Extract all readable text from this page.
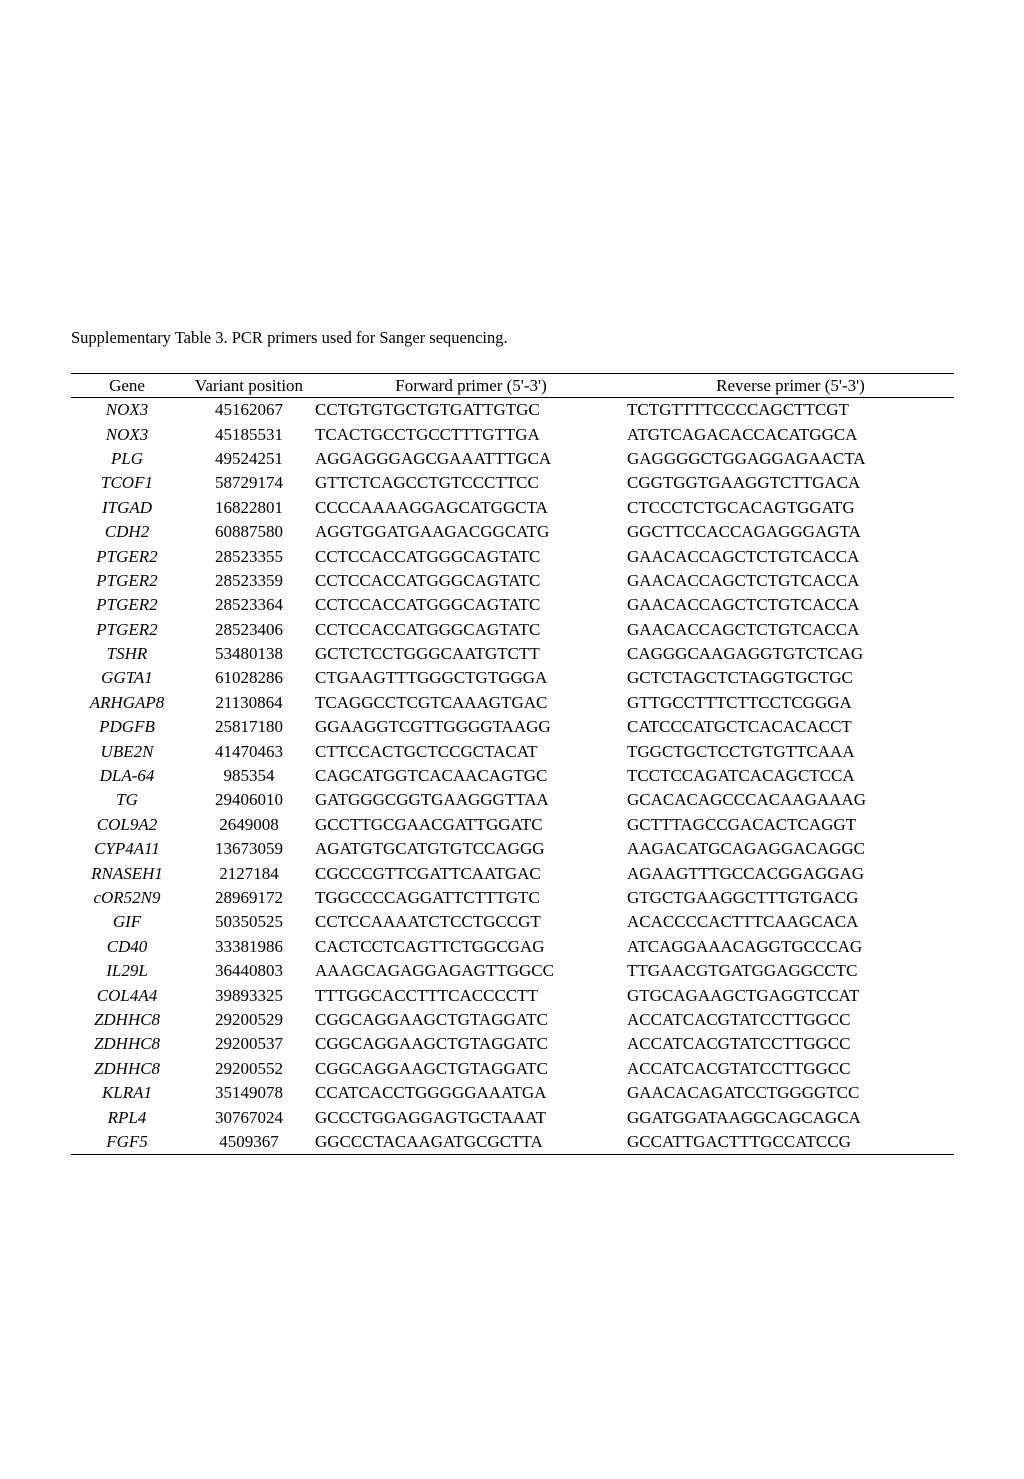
Supplementary Table 3. PCR primers used for Sanger sequencing.
Gene	Variant position	Forward primer (5'-3')	Reverse primer (5'-3')
NOX3	45162067	CCTGTGTGCTGTGATTGTGC	TCTGTTTTCCCCAGCTTCGT
NOX3	45185531	TCACTGCCTGCCTTTGTTGA	ATGTCAGACACCACATGGCA
PLG	49524251	AGGAGGGAGCGAAATTTGCA	GAGGGGCTGGAGGAGAACTA
TCOF1	58729174	GTTCTCAGCCTGTCCCTTCC	CGGTGGTGAAGGTCTTGACA
ITGAD	16822801	CCCCAAAAGGAGCATGGCTA	CTCCCTCTGCACAGTGGATG
CDH2	60887580	AGGTGGATGAAGACGGCATG	GGCTTCCACCAGAGGGAGTA
PTGER2	28523355	CCTCCACCATGGGCAGTATC	GAACACCAGCTCTGTCACCA
PTGER2	28523359	CCTCCACCATGGGCAGTATC	GAACACCAGCTCTGTCACCA
PTGER2	28523364	CCTCCACCATGGGCAGTATC	GAACACCAGCTCTGTCACCA
PTGER2	28523406	CCTCCACCATGGGCAGTATC	GAACACCAGCTCTGTCACCA
TSHR	53480138	GCTCTCCTGGGCAATGTCTT	CAGGGCAAGAGGTGTCTCAG
GGTA1	61028286	CTGAAGTTTGGGCTGTGGGA	GCTCTAGCTCTAGGTGCTGC
ARHGAP8	21130864	TCAGGCCTCGTCAAAGTGAC	GTTGCCTTTCTTCCTCGGGA
PDGFB	25817180	GGAAGGTCGTTGGGGTAAGG	CATCCCATGCTCACACACCT
UBE2N	41470463	CTTCCACTGCTCCGCTACAT	TGGCTGCTCCTGTGTTCAAA
DLA-64	985354	CAGCATGGTCACAACAGTGC	TCCTCCAGATCACAGCTCCA
TG	29406010	GATGGGCGGTGAAGGGTTAA	GCACACAGCCCACAAGAAAG
COL9A2	2649008	GCCTTGCGAACGATTGGATC	GCTTTAGCCGACACTCAGGT
CYP4A11	13673059	AGATGTGCATGTGTCCAGGG	AAGACATGCAGAGGACAGGC
RNASEH1	2127184	CGCCCGTTCGATTCAATGAC	AGAAGTTTGCCACGGAGGAG
cOR52N9	28969172	TGGCCCCAGGATTCTTTGTC	GTGCTGAAGGCTTTGTGACG
GIF	50350525	CCTCCAAAATCTCCTGCCGT	ACACCCCACTTTCAAGCACA
CD40	33381986	CACTCCTCAGTTCTGGCGAG	ATCAGGAAACAGGTGCCCAG
IL29L	36440803	AAAGCAGAGGAGAGTTGGCC	TTGAACGTGATGGAGGCCTC
COL4A4	39893325	TTTGGCACCTTTCACCCCTT	GTGCAGAAGCTGAGGTCCAT
ZDHHC8	29200529	CGGCAGGAAGCTGTAGGATC	ACCATCACGTATCCTTGGCC
ZDHHC8	29200537	CGGCAGGAAGCTGTAGGATC	ACCATCACGTATCCTTGGCC
ZDHHC8	29200552	CGGCAGGAAGCTGTAGGATC	ACCATCACGTATCCTTGGCC
KLRA1	35149078	CCATCACCTGGGGGAAATGA	GAACACAGATCCTGGGGTCC
RPL4	30767024	GCCCTGGAGGAGTGCTAAAT	GGATGGATAAGGCAGCAGCA
FGF5	4509367	GGCCCTACAAGATGCGCTTA	GCCATTGACTTTGCCATCCG
